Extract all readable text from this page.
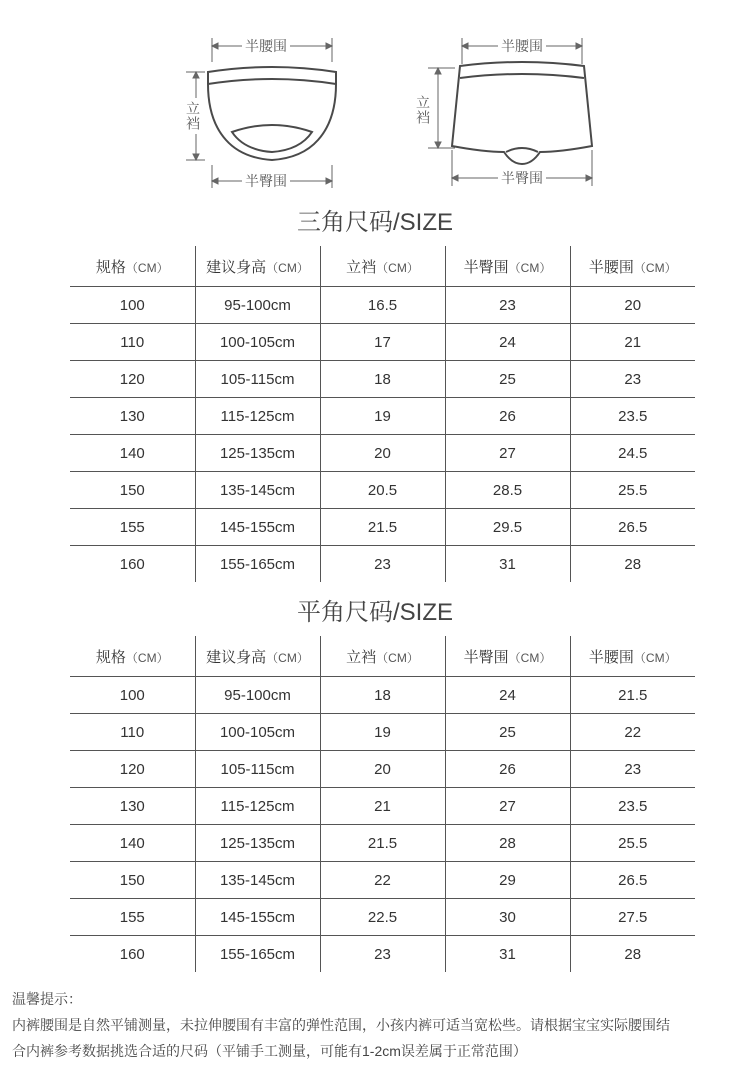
半腰围
立裆
半臀围
半腰围
立裆
半臀围
三角尺码/SIZE
规格（CM）	建议身高（CM）	立裆（CM）	半臀围（CM）	半腰围（CM）
100	95-100cm	16.5	23	20
110	100-105cm	17	24	21
120	105-115cm	18	25	23
130	115-125cm	19	26	23.5
140	125-135cm	20	27	24.5
150	135-145cm	20.5	28.5	25.5
155	145-155cm	21.5	29.5	26.5
160	155-165cm	23	31	28
平角尺码/SIZE
规格（CM）	建议身高（CM）	立裆（CM）	半臀围（CM）	半腰围（CM）
100	95-100cm	18	24	21.5
110	100-105cm	19	25	22
120	105-115cm	20	26	23
130	115-125cm	21	27	23.5
140	125-135cm	21.5	28	25.5
150	135-145cm	22	29	26.5
155	145-155cm	22.5	30	27.5
160	155-165cm	23	31	28

温馨提示：

内裤腰围是自然平铺测量，未拉伸腰围有丰富的弹性范围，小孩内裤可适当宽松些。请根据宝宝实际腰围结

合内裤参考数据挑选合适的尺码（平铺手工测量，可能有1-2cm误差属于正常范围）
